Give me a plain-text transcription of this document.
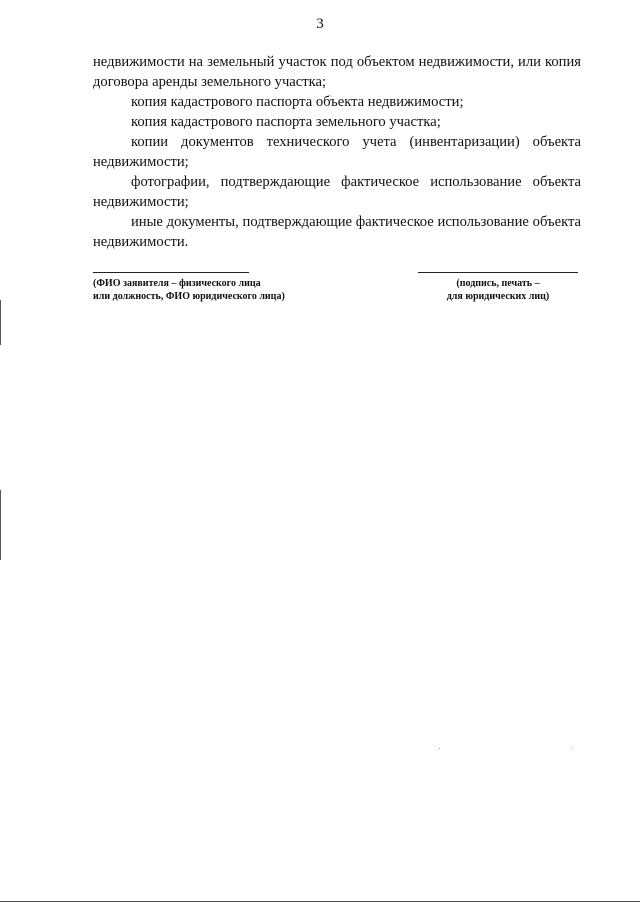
3

недвижимости на земельный участок под объектом недвижимости, или копия договора аренды земельного участка;

копия кадастрового паспорта объекта недвижимости;

копия кадастрового паспорта земельного участка;

копии документов технического учета (инвентаризации) объекта недвижимости;

фотографии, подтверждающие фактическое использование объекта недвижимости;

иные документы, подтверждающие фактическое использование объекта недвижимости.

(ФИО заявителя – физического лица
или должность, ФИО юридического лица)
(подпись, печать –
для юридических лиц)
